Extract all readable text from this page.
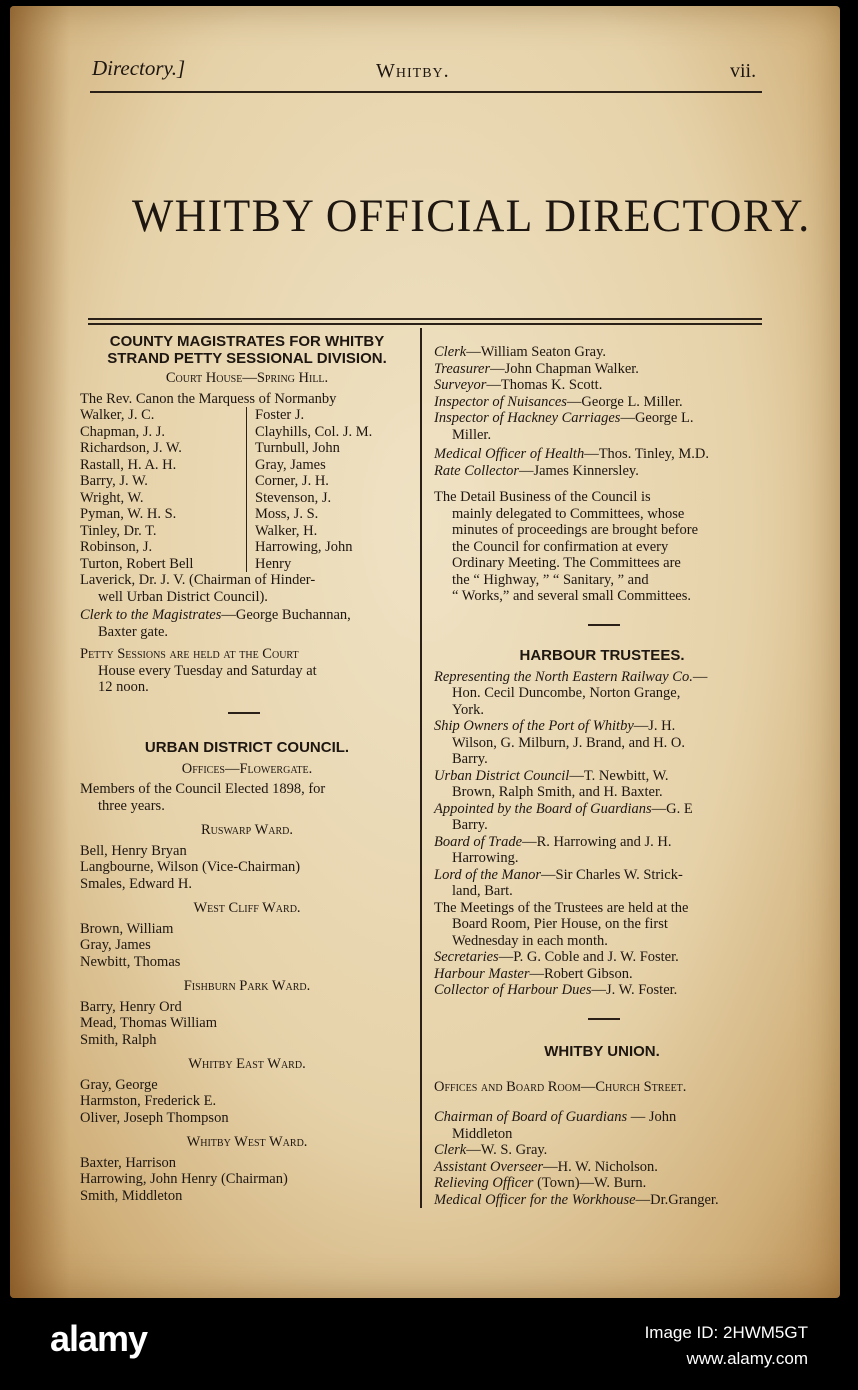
Directory.]	Whitby.	vii.
WHITBY OFFICIAL DIRECTORY.
COUNTY MAGISTRATES FOR WHITBY
STRAND PETTY SESSIONAL DIVISION.
Court House—Spring Hill.
The Rev. Canon the Marquess of Normanby
Walker, J. C.	Foster J.
Chapman, J. J.	Clayhills, Col. J. M.
Richardson, J. W.	Turnbull, John
Rastall, H. A. H.	Gray, James
Barry, J. W.	Corner, J. H.
Wright, W.	Stevenson, J.
Pyman, W. H. S.	Moss, J. S.
Tinley, Dr. T.	Walker, H.
Robinson, J.	Harrowing, John
Turton, Robert Bell	Henry
Laverick, Dr. J. V. (Chairman of Hinder-
well Urban District Council).
Clerk to the Magistrates—George Buchannan,
Baxter gate.
Petty Sessions are held at the Court
House every Tuesday and Saturday at
12 noon.
URBAN DISTRICT COUNCIL.
Offices—Flowergate.
Members of the Council Elected 1898, for
three years.
Ruswarp Ward.
Bell, Henry Bryan
Langbourne, Wilson (Vice-Chairman)
Smales, Edward H.
West Cliff Ward.
Brown, William
Gray, James
Newbitt, Thomas
Fishburn Park Ward.
Barry, Henry Ord
Mead, Thomas William
Smith, Ralph
Whitby East Ward.
Gray, George
Harmston, Frederick E.
Oliver, Joseph Thompson
Whitby West Ward.
Baxter, Harrison
Harrowing, John Henry (Chairman)
Smith, Middleton
Clerk—William Seaton Gray.
Treasurer—John Chapman Walker.
Surveyor—Thomas K. Scott.
Inspector of Nuisances—George L. Miller.
Inspector of Hackney Carriages—George L.
Miller.
Medical Officer of Health—Thos. Tinley, M.D.
Rate Collector—James Kinnersley.
The Detail Business of the Council is
mainly delegated to Committees, whose
minutes of proceedings are brought before
the Council for confirmation at every
Ordinary Meeting. The Committees are
the “ Highway, ” “ Sanitary, ” and
“ Works,” and several small Committees.
HARBOUR TRUSTEES.
Representing the North Eastern Railway Co.—
Hon. Cecil Duncombe, Norton Grange,
York.
Ship Owners of the Port of Whitby—J. H.
Wilson, G. Milburn, J. Brand, and H. O.
Barry.
Urban District Council—T. Newbitt, W.
Brown, Ralph Smith, and H. Baxter.
Appointed by the Board of Guardians—G. E
Barry.
Board of Trade—R. Harrowing and J. H.
Harrowing.
Lord of the Manor—Sir Charles W. Strick-
land, Bart.
The Meetings of the Trustees are held at the
Board Room, Pier House, on the first
Wednesday in each month.
Secretaries—P. G. Coble and J. W. Foster.
Harbour Master—Robert Gibson.
Collector of Harbour Dues—J. W. Foster.
WHITBY UNION.
Offices and Board Room—Church Street.
Chairman of Board of Guardians — John
Middleton
Clerk—W. S. Gray.
Assistant Overseer—H. W. Nicholson.
Relieving Officer (Town)—W. Burn.
Medical Officer for the Workhouse—Dr.Granger.
alamy	Image ID: 2HWM5GT
www.alamy.com
